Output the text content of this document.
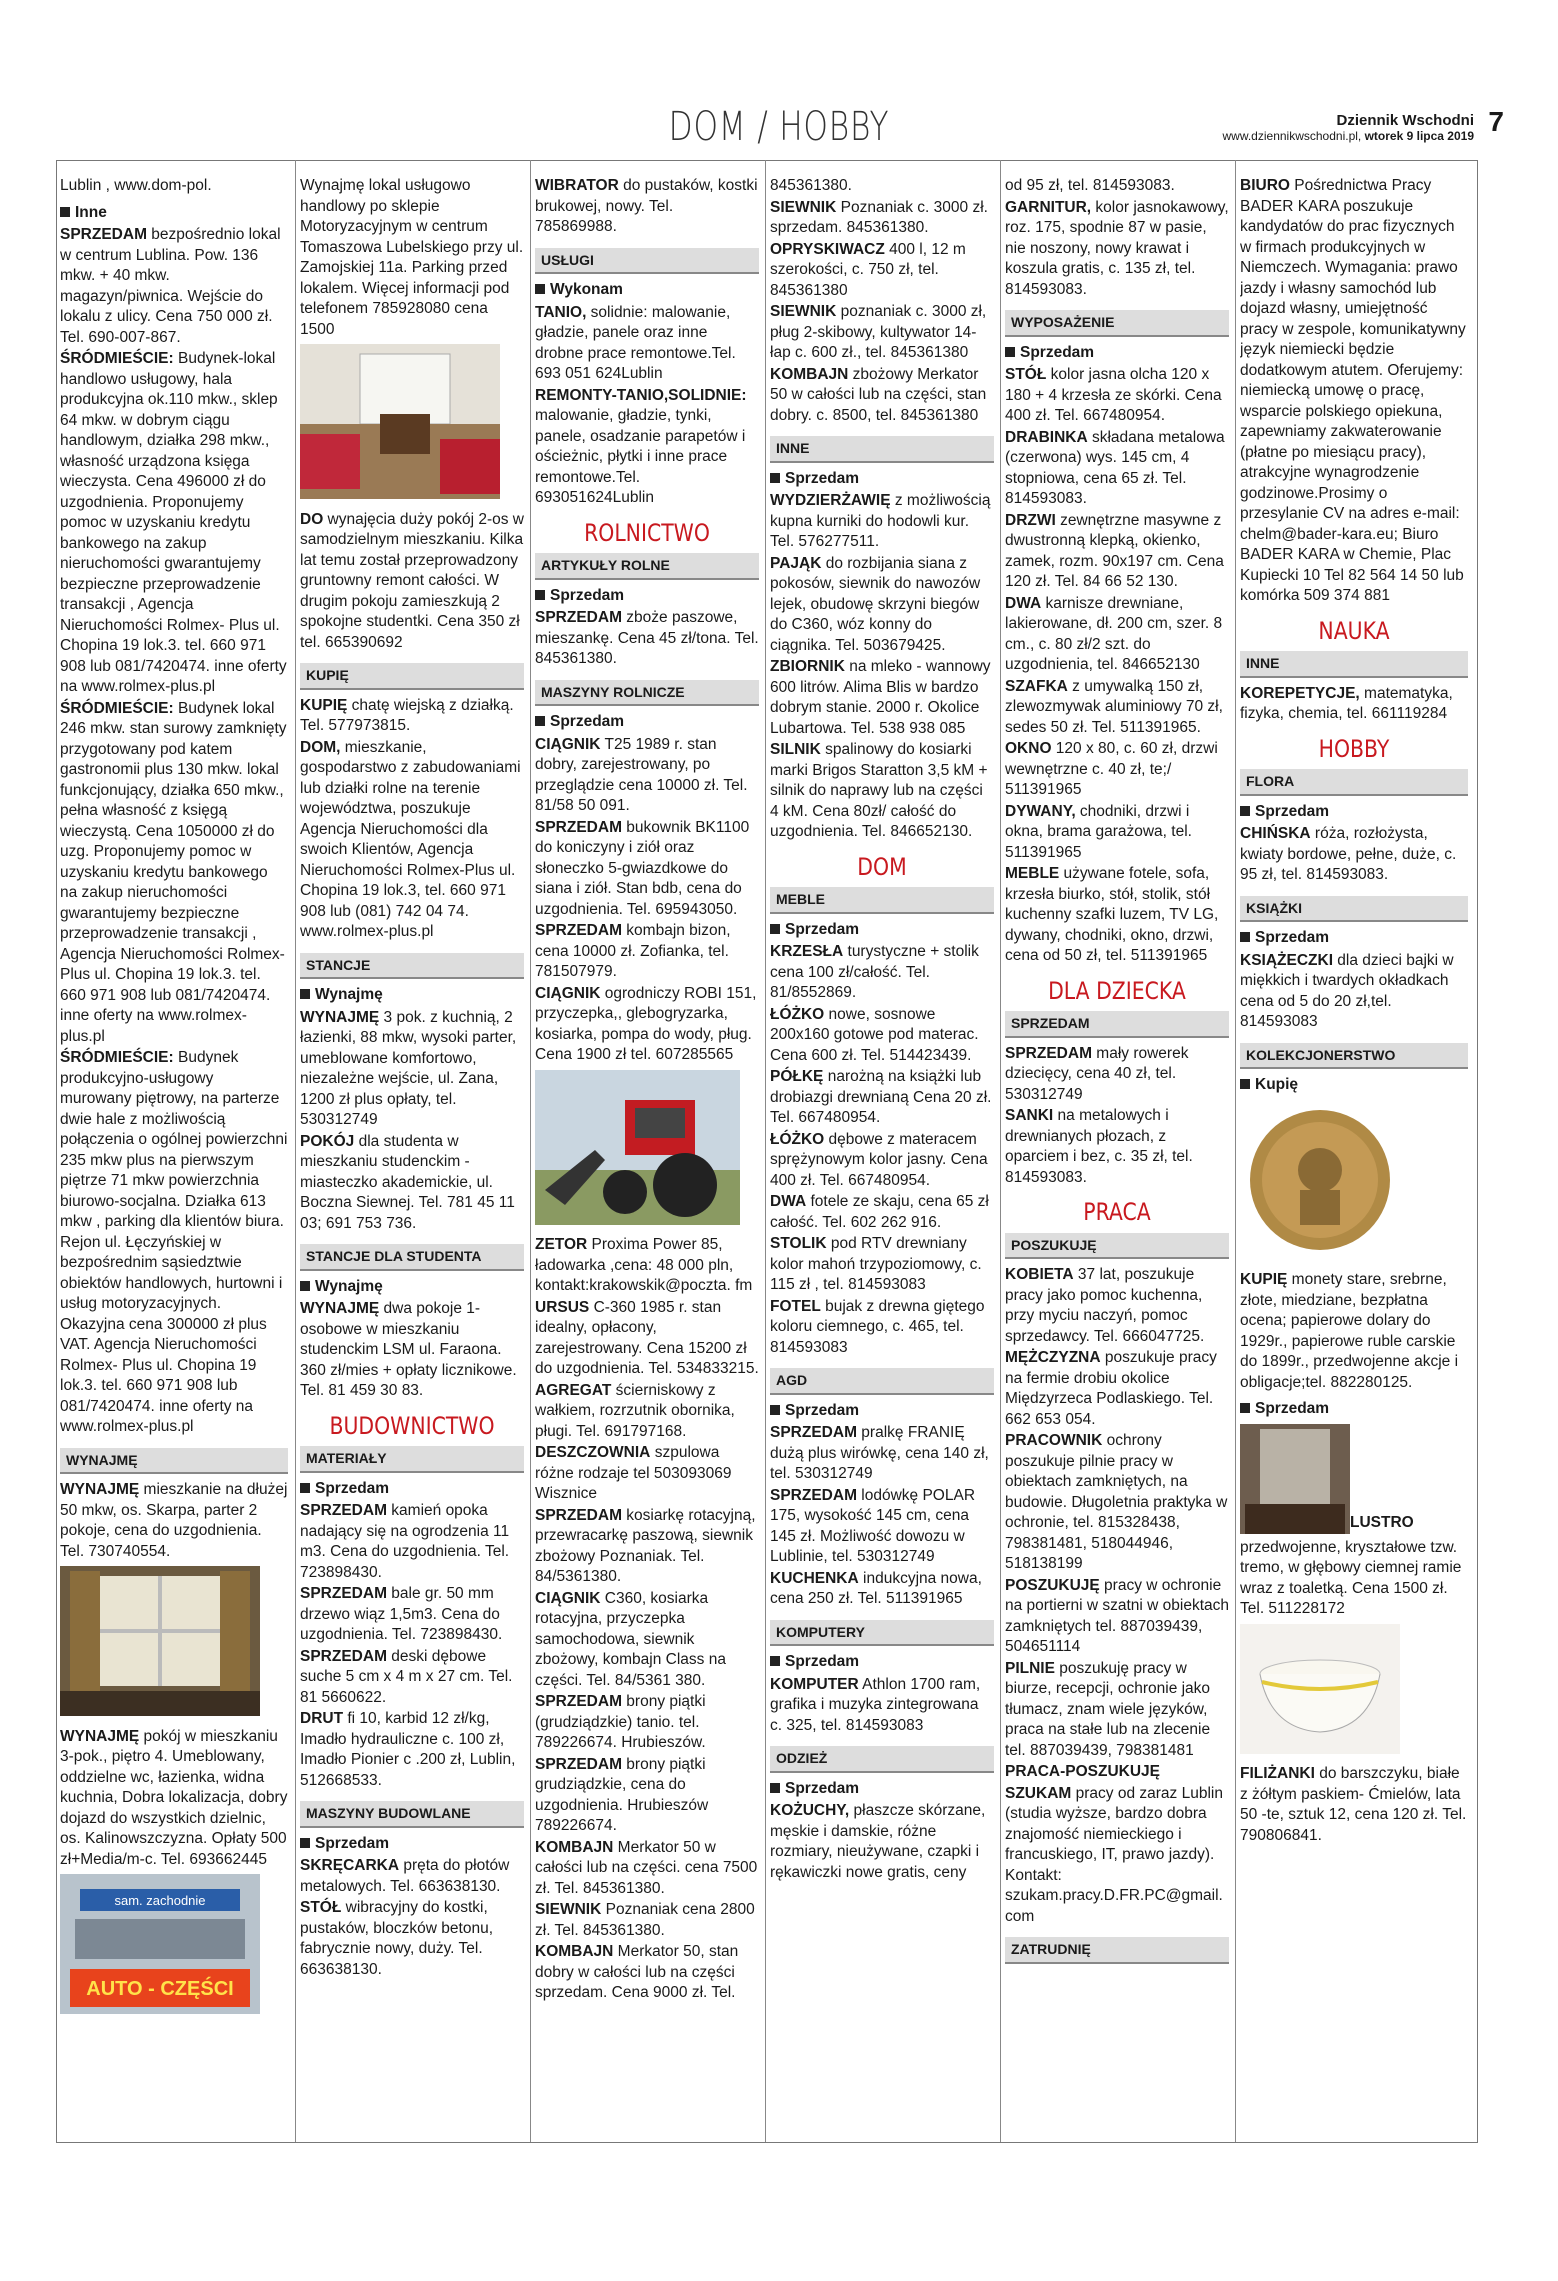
DOM / HOBBY	Dziennik Wschodni 7
www.dziennikwschodni.pl, wtorek 9 lipca 2019
Lublin , www.dom-pol.
Inne
SPRZEDAM bezpośrednio lokal w centrum Lublina. Pow. 136 mkw. + 40 mkw. magazyn/piwnica. Wejście do lokalu z ulicy. Cena 750 000 zł. Tel. 690-007-867.
ŚRÓDMIEŚCIE: Budynek-lokal handlowo usługowy, hala produkcyjna ok.110 mkw., sklep 64 mkw. w dobrym ciągu handlowym, działka 298 mkw., własność urządzona księga wieczysta. Cena 496000 zł do uzgodnienia. Proponujemy pomoc w uzyskaniu kredytu bankowego na zakup nieruchomości gwarantujemy bezpieczne przeprowadzenie transakcji , Agencja Nieruchomości Rolmex- Plus ul. Chopina 19 lok.3. tel. 660 971 908 lub 081/7420474. inne oferty na www.rolmex-plus.pl
ŚRÓDMIEŚCIE: Budynek lokal 246 mkw. stan surowy zamknięty przygotowany pod katem gastronomii plus 130 mkw. lokal funkcjonujący, działka 650 mkw., pełna własność z księgą wieczystą. Cena 1050000 zł do uzg. Proponujemy pomoc w uzyskaniu kredytu bankowego na zakup nieruchomości gwarantujemy bezpieczne przeprowadzenie transakcji , Agencja Nieruchomości Rolmex- Plus ul. Chopina 19 lok.3. tel. 660 971 908 lub 081/7420474. inne oferty na www.rolmex-plus.pl
ŚRÓDMIEŚCIE: Budynek produkcyjno-usługowy murowany piętrowy, na parterze dwie hale z możliwością połączenia o ogólnej powierzchni 235 mkw plus na pierwszym piętrze 71 mkw powierzchnia biurowo-socjalna. Działka 613 mkw , parking dla klientów biura. Rejon ul. Łęczyńskiej w bezpośrednim sąsiedztwie obiektów handlowych, hurtowni i usług motoryzacyjnych. Okazyjna cena 300000 zł plus VAT. Agencja Nieruchomości Rolmex- Plus ul. Chopina 19 lok.3. tel. 660 971 908 lub 081/7420474. inne oferty na www.rolmex-plus.pl
WYNAJMĘ
WYNAJMĘ mieszkanie na dłużej 50 mkw, os. Skarpa, parter 2 pokoje, cena do uzgodnienia. Tel. 730740554.
WYNAJMĘ pokój w mieszkaniu 3-pok., piętro 4. Umeblowany, oddzielne wc, łazienka, widna kuchnia, Dobra lokalizacja, dobry dojazd do wszystkich dzielnic, os. Kalinowszczyzna. Opłaty 500 zł+Media/m-c. Tel. 693662445
sam. zachodnie
AUTO - CZĘŚCI
Wynajmę lokal usługowo handlowy po sklepie Motoryzacyjnym w centrum Tomaszowa Lubelskiego przy ul. Zamojskiej 11a. Parking przed lokalem. Więcej informacji pod telefonem 785928080 cena 1500
DO wynajęcia duży pokój 2-os w samodzielnym mieszkaniu. Kilka lat temu został przeprowadzony gruntowny remont całości. W drugim pokoju zamieszkują 2 spokojne studentki. Cena 350 zł tel. 665390692
KUPIĘ
KUPIĘ chatę wiejską z działką. Tel. 577973815.
DOM, mieszkanie, gospodarstwo z zabudowaniami lub działki rolne na terenie województwa, poszukuje Agencja Nieruchomości dla swoich Klientów, Agencja Nieruchomości Rolmex-Plus ul. Chopina 19 lok.3, tel. 660 971 908 lub (081) 742 04 74. www.rolmex-plus.pl
STANCJE
Wynajmę
WYNAJMĘ 3 pok. z kuchnią, 2 łazienki, 88 mkw, wysoki parter, umeblowane komfortowo, niezależne wejście, ul. Zana, 1200 zł plus opłaty, tel. 530312749
POKÓJ dla studenta w mieszkaniu studenckim - miasteczko akademickie, ul. Boczna Siewnej. Tel. 781 45 11 03; 691 753 736.
STANCJE DLA STUDENTA
Wynajmę
WYNAJMĘ dwa pokoje 1-osobowe w mieszkaniu studenckim LSM ul. Faraona. 360 zł/mies + opłaty licznikowe. Tel. 81 459 30 83.
BUDOWNICTWO
MATERIAŁY
Sprzedam
SPRZEDAM kamień opoka nadający się na ogrodzenia 11 m3. Cena do uzgodnienia. Tel. 723898430.
SPRZEDAM bale gr. 50 mm drzewo wiąz 1,5m3. Cena do uzgodnienia. Tel. 723898430.
SPRZEDAM deski dębowe suche 5 cm x 4 m x 27 cm. Tel. 81 5660622.
DRUT fi 10, karbid 12 zł/kg, Imadło hydrauliczne c. 100 zł, Imadło Pionier c .200 zł, Lublin, 512668533.
MASZYNY BUDOWLANE
Sprzedam
SKRĘCARKA pręta do płotów metalowych. Tel. 663638130.
STÓŁ wibracyjny do kostki, pustaków, bloczków betonu, fabrycznie nowy, duży. Tel. 663638130.
WIBRATOR do pustaków, kostki brukowej, nowy. Tel. 785869988.
USŁUGI
Wykonam
TANIO, solidnie: malowanie, gładzie, panele oraz inne drobne prace remontowe.Tel. 693 051 624Lublin
REMONTY-TANIO,SOLIDNIE: malowanie, gładzie, tynki, panele, osadzanie parapetów i ościeżnic, płytki i inne prace remontowe.Tel. 693051624Lublin
ROLNICTWO
ARTYKUŁY ROLNE
Sprzedam
SPRZEDAM zboże paszowe, mieszankę. Cena 45 zł/tona. Tel. 845361380.
MASZYNY ROLNICZE
Sprzedam
CIĄGNIK T25 1989 r. stan dobry, zarejestrowany, po przeglądzie cena 10000 zł. Tel. 81/58 50 091.
SPRZEDAM bukownik BK1100 do koniczyny i ziół oraz słoneczko 5-gwiazdkowe do siana i ziół. Stan bdb, cena do uzgodnienia. Tel. 695943050.
SPRZEDAM kombajn bizon, cena 10000 zł. Zofianka, tel. 781507979.
CIĄGNIK ogrodniczy ROBI 151, przyczepka,, glebogryzarka, kosiarka, pompa do wody, pług. Cena 1900 zł tel. 607285565
ZETOR Proxima Power 85, ładowarka ,cena: 48 000 pln, kontakt:krakowskik@poczta. fm
URSUS C-360 1985 r. stan idealny, opłacony, zarejestrowany. Cena 15200 zł do uzgodnienia. Tel. 534833215.
AGREGAT ścierniskowy z wałkiem, rozrzutnik obornika, pługi. Tel. 691797168.
DESZCZOWNIA szpulowa różne rodzaje tel 503093069 Wisznice
SPRZEDAM kosiarkę rotacyjną, przewracarkę paszową, siewnik zbożowy Poznaniak. Tel. 84/5361380.
CIĄGNIK C360, kosiarka rotacyjna, przyczepka samochodowa, siewnik zbożowy, kombajn Class na części. Tel. 84/5361 380.
SPRZEDAM brony piątki (grudziądzkie) tanio. tel. 789226674. Hrubieszów.
SPRZEDAM brony piątki grudziądzkie, cena do uzgodnienia. Hrubieszów 789226674.
KOMBAJN Merkator 50 w całości lub na części. cena 7500 zł. Tel. 845361380.
SIEWNIK Poznaniak cena 2800 zł. Tel. 845361380.
KOMBAJN Merkator 50, stan dobry w całości lub na części sprzedam. Cena 9000 zł. Tel.
845361380.
SIEWNIK Poznaniak c. 3000 zł. sprzedam. 845361380.
OPRYSKIWACZ 400 l, 12 m szerokości, c. 750 zł, tel. 845361380
SIEWNIK poznaniak c. 3000 zł, pług 2-skibowy, kultywator 14-łap c. 600 zł., tel. 845361380
KOMBAJN zbożowy Merkator 50 w całości lub na części, stan dobry. c. 8500, tel. 845361380
INNE
Sprzedam
WYDZIERŻAWIĘ z możliwością kupna kurniki do hodowli kur. Tel. 576277511.
PAJĄK do rozbijania siana z pokosów, siewnik do nawozów lejek, obudowę skrzyni biegów do C360, wóz konny do ciągnika. Tel. 503679425.
ZBIORNIK na mleko - wannowy 600 litrów. Alima Blis w bardzo dobrym stanie. 2000 r. Okolice Lubartowa. Tel. 538 938 085
SILNIK spalinowy do kosiarki marki Brigos Staratton 3,5 kM + silnik do naprawy lub na części 4 kM. Cena 80zł/ całość do uzgodnienia. Tel. 846652130.
DOM
MEBLE
Sprzedam
KRZESŁA turystyczne + stolik cena 100 zł/całość. Tel. 81/8552869.
ŁÓŻKO nowe, sosnowe 200x160 gotowe pod materac. Cena 600 zł. Tel. 514423439.
PÓŁKĘ narożną na książki lub drobiazgi drewnianą Cena 20 zł. Tel. 667480954.
ŁÓŻKO dębowe z materacem sprężynowym kolor jasny. Cena 400 zł. Tel. 667480954.
DWA fotele ze skaju, cena 65 zł całość. Tel. 602 262 916.
STOLIK pod RTV drewniany kolor mahoń trzypoziomowy, c. 115 zł , tel. 814593083
FOTEL bujak z drewna giętego koloru ciemnego, c. 465, tel. 814593083
AGD
Sprzedam
SPRZEDAM pralkę FRANIĘ dużą plus wirówkę, cena 140 zł, tel. 530312749
SPRZEDAM lodówkę POLAR 175, wysokość 145 cm, cena 145 zł. Możliwość dowozu w Lublinie, tel. 530312749
KUCHENKA indukcyjna nowa, cena 250 zł. Tel. 511391965
KOMPUTERY
Sprzedam
KOMPUTER Athlon 1700 ram, grafika i muzyka zintegrowana c. 325, tel. 814593083
ODZIEŻ
Sprzedam
KOŻUCHY, płaszcze skórzane, męskie i damskie, różne rozmiary, nieużywane, czapki i rękawiczki nowe gratis, ceny
od 95 zł, tel. 814593083.
GARNITUR, kolor jasnokawowy, roz. 175, spodnie 87 w pasie, nie noszony, nowy krawat i koszula gratis, c. 135 zł, tel. 814593083.
WYPOSAŻENIE
Sprzedam
STÓŁ kolor jasna olcha 120 x 180 + 4 krzesła ze skórki. Cena 400 zł. Tel. 667480954.
DRABINKA składana metalowa (czerwona) wys. 145 cm, 4 stopniowa, cena 65 zł. Tel. 814593083.
DRZWI zewnętrzne masywne z dwustronną klepką, okienko, zamek, rozm. 90x197 cm. Cena 120 zł. Tel. 84 66 52 130.
DWA karnisze drewniane, lakierowane, dł. 200 cm, szer. 8 cm., c. 80 zł/2 szt. do uzgodnienia, tel. 846652130
SZAFKA z umywalką 150 zł, zlewozmywak aluminiowy 70 zł, sedes 50 zł. Tel. 511391965.
OKNO 120 x 80, c. 60 zł, drzwi wewnętrzne c. 40 zł, te;/ 511391965
DYWANY, chodniki, drzwi i okna, brama garażowa, tel. 511391965
MEBLE używane fotele, sofa, krzesła biurko, stół, stolik, stół kuchenny szafki luzem, TV LG, dywany, chodniki, okno, drzwi, cena od 50 zł, tel. 511391965
DLA DZIECKA
SPRZEDAM
SPRZEDAM mały rowerek dziecięcy, cena 40 zł, tel. 530312749
SANKI na metalowych i drewnianych płozach, z oparciem i bez, c. 35 zł, tel. 814593083.
PRACA
POSZUKUJĘ
KOBIETA 37 lat, poszukuje pracy jako pomoc kuchenna, przy myciu naczyń, pomoc sprzedawcy. Tel. 666047725.
MĘŻCZYZNA poszukuje pracy na fermie drobiu okolice Międzyrzeca Podlaskiego. Tel. 662 653 054.
PRACOWNIK ochrony poszukuje pilnie pracy w obiektach zamkniętych, na budowie. Długoletnia praktyka w ochronie, tel. 815328438, 798381481, 518044946, 518138199
POSZUKUJĘ pracy w ochronie na portierni w szatni w obiektach zamkniętych tel. 887039439, 504651114
PILNIE poszukuję pracy w biurze, recepcji, ochronie jako tłumacz, znam wiele języków, praca na stałe lub na zlecenie tel. 887039439, 798381481
PRACA-POSZUKUJĘ
SZUKAM pracy od zaraz Lublin (studia wyższe, bardzo dobra znajomość niemieckiego i francuskiego, IT, prawo jazdy). Kontakt: szukam.pracy.D.FR.PC@gmail. com
ZATRUDNIĘ
BIURO Pośrednictwa Pracy BADER KARA poszukuje kandydatów do prac fizycznych w firmach produkcyjnych w Niemczech. Wymagania: prawo jazdy i własny samochód lub dojazd własny, umiejętność pracy w zespole, komunikatywny język niemiecki będzie dodatkowym atutem. Oferujemy: niemiecką umowę o pracę, wsparcie polskiego opiekuna, zapewniamy zakwaterowanie (płatne po miesiącu pracy), atrakcyjne wynagrodzenie godzinowe.Prosimy o przesylanie CV na adres e-mail: chelm@bader-kara.eu; Biuro BADER KARA w Chemie, Plac Kupiecki 10 Tel 82 564 14 50 lub komórka 509 374 881
NAUKA
INNE
KOREPETYCJE, matematyka, fizyka, chemia, tel. 661119284
HOBBY
FLORA
Sprzedam
CHIŃSKA róża, rozłożysta, kwiaty bordowe, pełne, duże, c. 95 zł, tel. 814593083.
KSIĄŻKI
Sprzedam
KSIĄŻECZKI dla dzieci bajki w miękkich i twardych okładkach cena od 5 do 20 zł,tel. 814593083
KOLEKCJONERSTWO
Kupię
KUPIĘ monety stare, srebrne, złote, miedziane, bezpłatna ocena; papierowe dolary do 1929r., papierowe ruble carskie do 1899r., przedwojenne akcje i obligacje;tel. 882280125.
Sprzedam
LUSTRO
przedwojenne, kryształowe tzw. tremo, w głębowy ciemnej ramie wraz z toaletką. Cena 1500 zł. Tel. 511228172
FILIŻANKI do barszczyku, białe z żółtym paskiem- Ćmielów, lata 50 -te, sztuk 12, cena 120 zł. Tel. 790806841.
